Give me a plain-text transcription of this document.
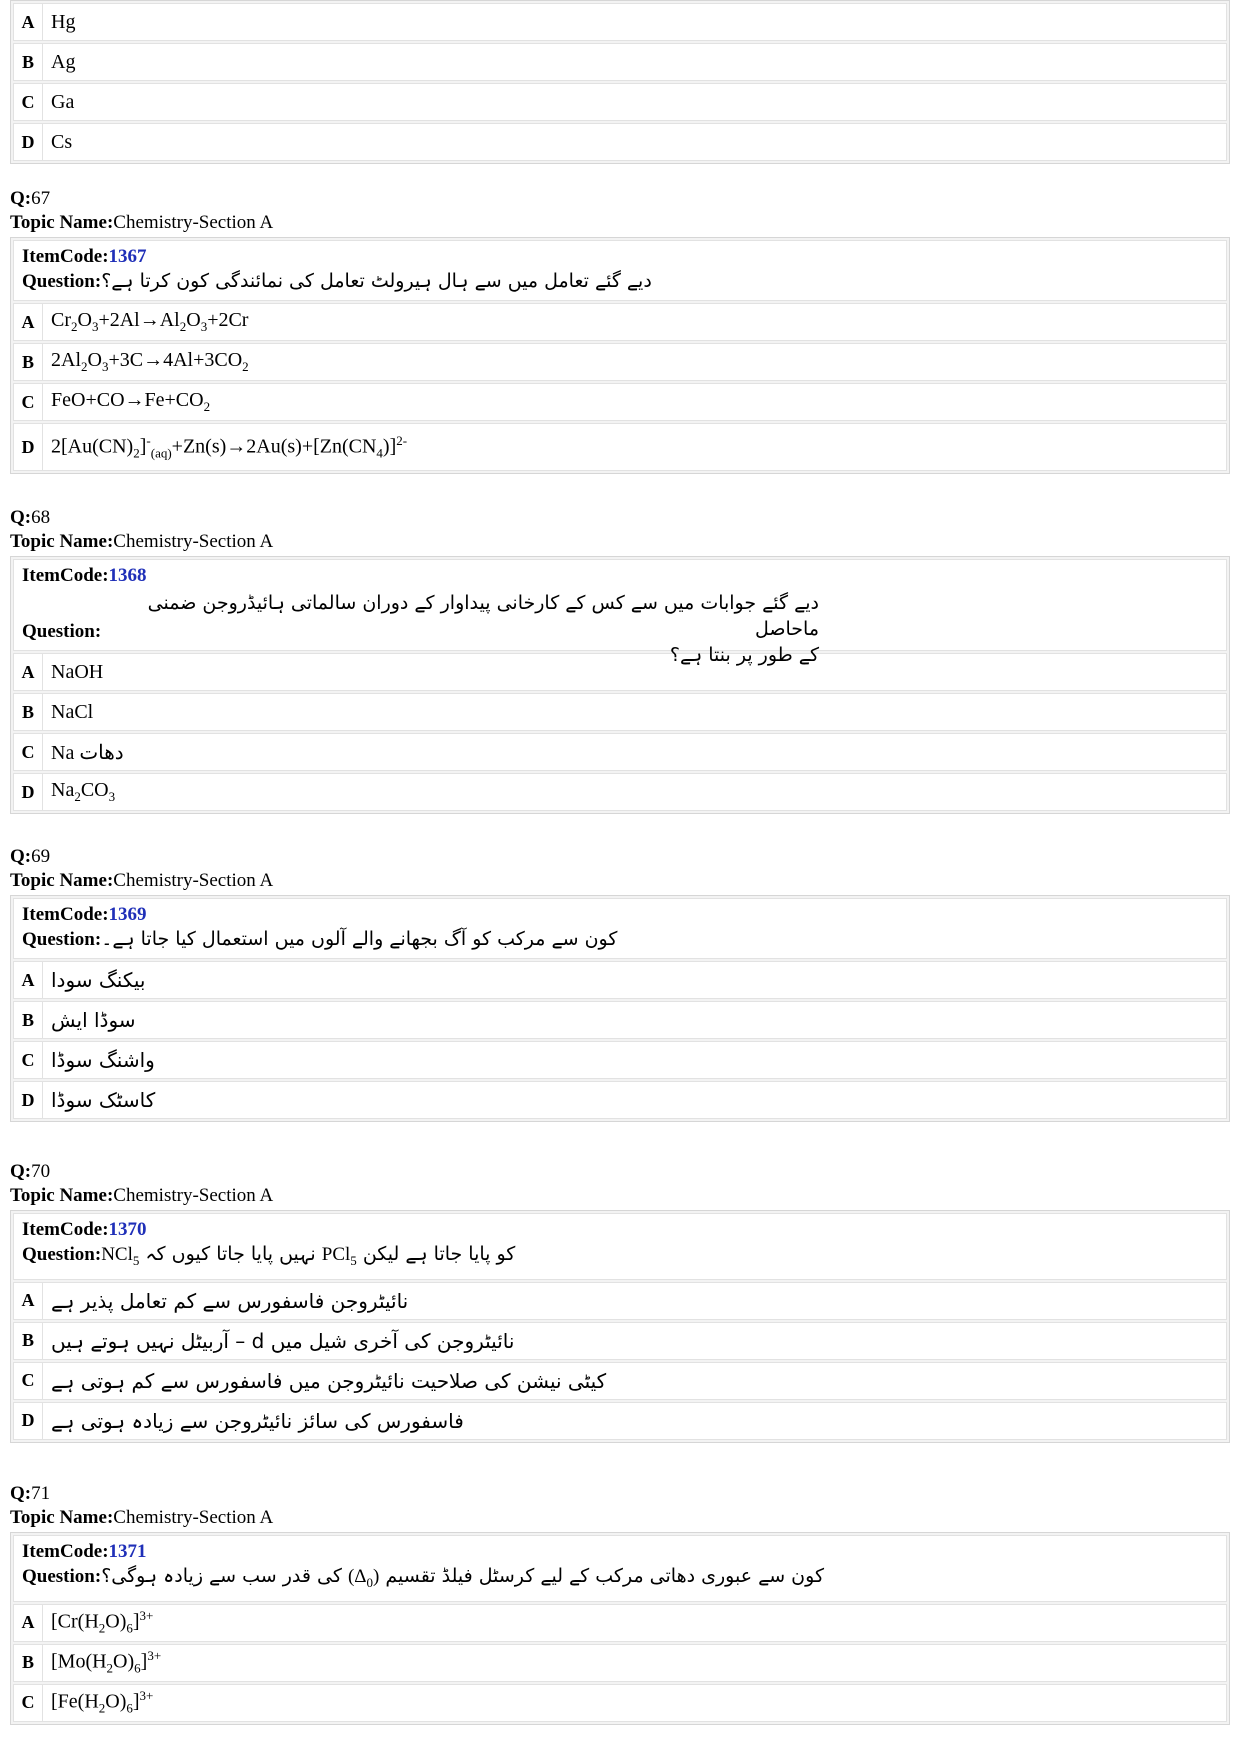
A Hg
B Ag
C Ga
D Cs
Q:67
Topic Name:Chemistry-Section A
ItemCode:1367
Question:دیے گئے تعامل میں سے ہال ہیرولٹ تعامل کی نمائندگی کون کرتا ہے؟
A $Cr_2O_3+2Al\to Al_2O_3+2Cr$
B $2Al_2O_3+3C\to 4Al+3CO_2$
C $FeO+CO\to Fe+CO_2$
D $2[Au(CN)_2]^-_{(aq)}+Zn(s)\to 2Au(s)+[Zn(CN_4)]^{2-}$
Q:68
Topic Name:Chemistry-Section A
ItemCode:1368
دیے گئے جوابات میں سے کس کے کارخانی پیداوار کے دوران سالماتی ہائیڈروجن ضمنی ماحاصل
کے طور پر بنتا ہے؟
Question:
A NaOH
B NaCl
C Na دھات
D $Na_2CO_3$
Q:69
Topic Name:Chemistry-Section A
ItemCode:1369
Question:کون سے مرکب کو آگ بجھانے والے آلوں میں استعمال کیا جاتا ہے۔
A بیکنگ سودا
B سوڈا ایش
C واشنگ سوڈا
D کاسٹک سوڈا
Q:70
Topic Name:Chemistry-Section A
ItemCode:1370
Question:	کو پایا جاتا ہے لیکن PCl$_5$ نہیں پایا جاتا کیوں کہ NCl$_5$
A نائیٹروجن فاسفورس سے کم تعامل پذیر ہے
B نائیٹروجن کی آخری شیل میں d – آربیٹل نہیں ہوتے ہیں
C کیٹی نیشن کی صلاحیت نائیٹروجن میں فاسفورس سے کم ہوتی ہے
D فاسفورس کی سائز نائیٹروجن سے زیادہ ہوتی ہے
Q:71
Topic Name:Chemistry-Section A
ItemCode:1371
Question:	کون سے عبوری دھاتی مرکب کے لیے کرسٹل فیلڈ تقسیم $(\Delta_0)$ کی قدر سب سے زیادہ ہوگی؟
A $[Cr(H_2O)_6]^{3+}$
B $[Mo(H_2O)_6]^{3+}$
C $[Fe(H_2O)_6]^{3+}$
